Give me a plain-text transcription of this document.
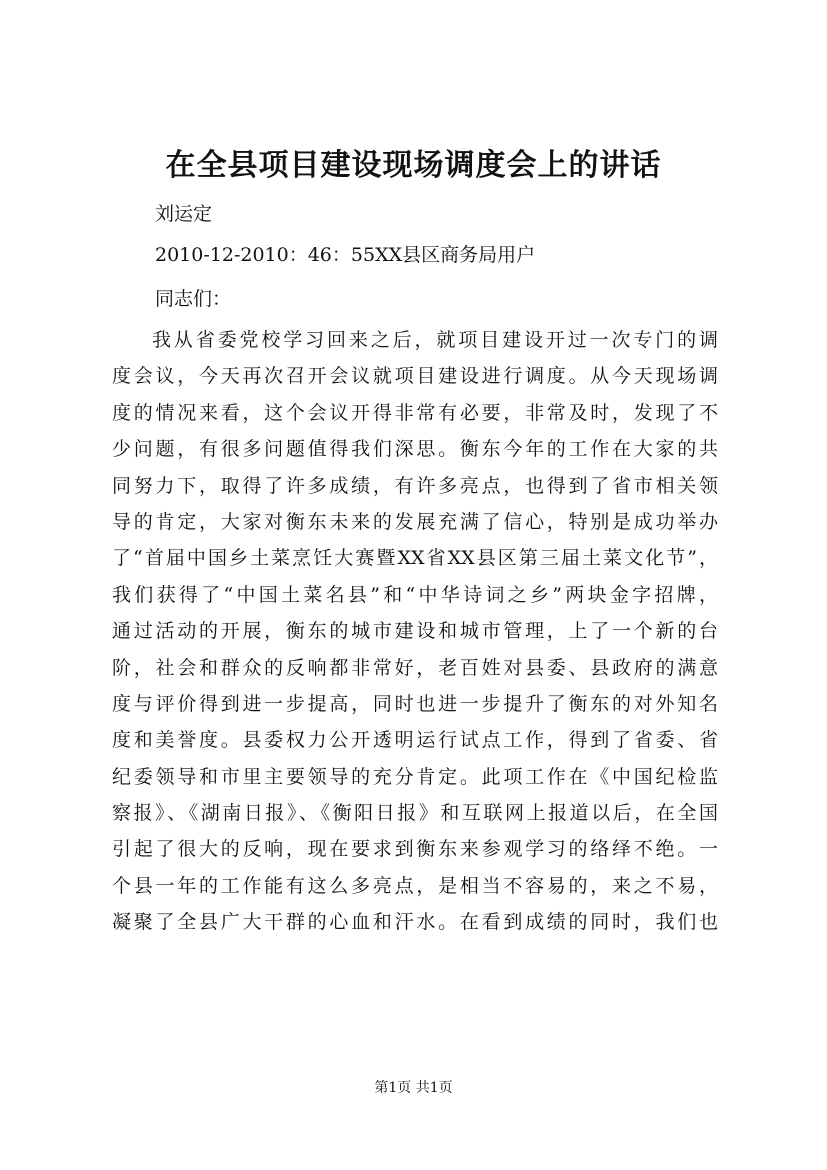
在全县项目建设现场调度会上的讲话
刘运定
2010-12-2010：46：55XX县区商务局用户
同志们：
我从省委党校学习回来之后，就项目建设开过一次专门的调
度会议，今天再次召开会议就项目建设进行调度。从今天现场调
度的情况来看，这个会议开得非常有必要，非常及时，发现了不
少问题，有很多问题值得我们深思。衡东今年的工作在大家的共
同努力下，取得了许多成绩，有许多亮点，也得到了省市相关领
导的肯定，大家对衡东未来的发展充满了信心，特别是成功举办
了“首届中国乡土菜烹饪大赛暨XX省XX县区第三届土菜文化节”，
我们获得了“中国土菜名县”和“中华诗词之乡”两块金字招牌，
通过活动的开展，衡东的城市建设和城市管理，上了一个新的台
阶，社会和群众的反响都非常好，老百姓对县委、县政府的满意
度与评价得到进一步提高，同时也进一步提升了衡东的对外知名
度和美誉度。县委权力公开透明运行试点工作，得到了省委、省
纪委领导和市里主要领导的充分肯定。此项工作在《中国纪检监
察报》、《湖南日报》、《衡阳日报》和互联网上报道以后，在全国
引起了很大的反响，现在要求到衡东来参观学习的络绎不绝。一
个县一年的工作能有这么多亮点，是相当不容易的，来之不易，
凝聚了全县广大干群的心血和汗水。在看到成绩的同时，我们也
第1页 共1页
